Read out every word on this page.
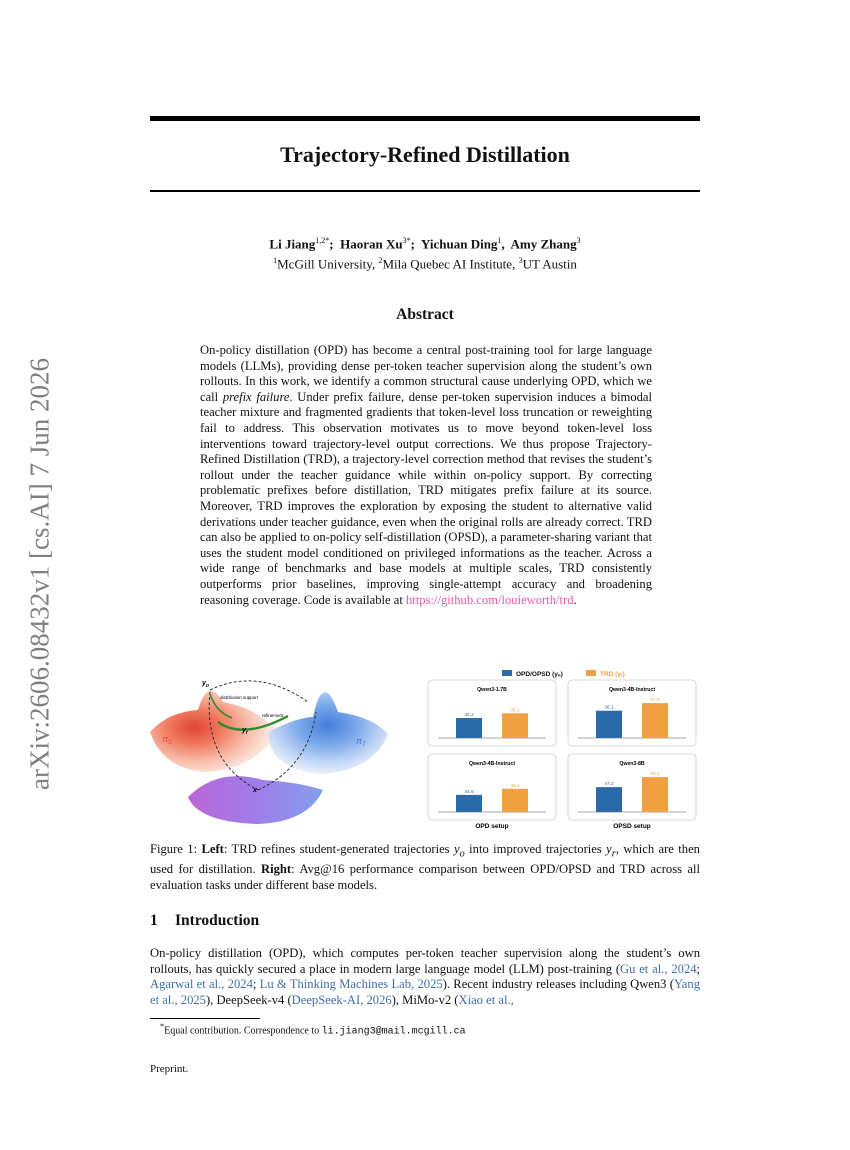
arXiv:2606.08432v1 [cs.AI] 7 Jun 2026
Trajectory-Refined Distillation
Li Jiang$^{1,2*}$;  Haoran $Xu^{3*}$;  Yichuan Ding$^1$,  Amy Zhang$^3$
$^1$McGill University, $^2$Mila Quebec AI Institute, $^3$UT Austin
Abstract
On-policy distillation (OPD) has become a central post-training tool for large language models (LLMs), providing dense per-token teacher supervision along the student’s own rollouts. In this work, we identify a common structural cause underlying OPD, which we call prefix failure. Under prefix failure, dense per-token supervision induces a bimodal teacher mixture and fragmented gradients that token-level loss truncation or reweighting fail to address. This observation motivates us to move beyond token-level loss interventions toward trajectory-level output corrections. We thus propose Trajectory-Refined Distillation (TRD), a trajectory-level correction method that revises the student’s rollout under the teacher guidance while within on-policy support. By correcting problematic prefixes before distillation, TRD mitigates prefix failure at its source. Moreover, TRD improves the exploration by exposing the student to alternative valid derivations under teacher guidance, even when the original rolls are already correct. TRD can also be applied to on-policy self-distillation (OPSD), a parameter-sharing variant that uses the student model conditioned on privileged informations as the teacher. Across a wide range of benchmarks and base models at multiple scales, TRD consistently outperforms prior baselines, improving single-attempt accuracy and broadening reasoning coverage. Code is available at https://github.com/louieworth/trd.
$y_o$
distribution support
refinement
$y_r$
x
$\pi_S$	$\pi_T$
OPD/OPSD (yₒ)	TRD (yᵣ)
Qwen3-1.7B
34.2
35.2
Qwen3-4B-Instruct
36.1
37.8
Qwen3-4B-Instruct
44.5
46.1
Qwen3-8B
47.2
50.1
OPD setup	OPSD setup
Figure 1: Left: TRD refines student-generated trajectories $y_o$ into improved trajectories $y_r$, which are then used for distillation. Right: Avg@16 performance comparison between OPD/OPSD and TRD across all evaluation tasks under different base models.
1 Introduction
On-policy distillation (OPD), which computes per-token teacher supervision along the student’s own rollouts, has quickly secured a place in modern large language model (LLM) post-training (Gu et al., 2024; Agarwal et al., 2024; Lu & Thinking Machines Lab, 2025). Recent industry releases including Qwen3 (Yang et al., 2025), DeepSeek-v4 (DeepSeek-AI, 2026), MiMo-v2 (Xiao et al.,
*Equal contribution. Correspondence to li.jiang3@mail.mcgill.ca
Preprint.
